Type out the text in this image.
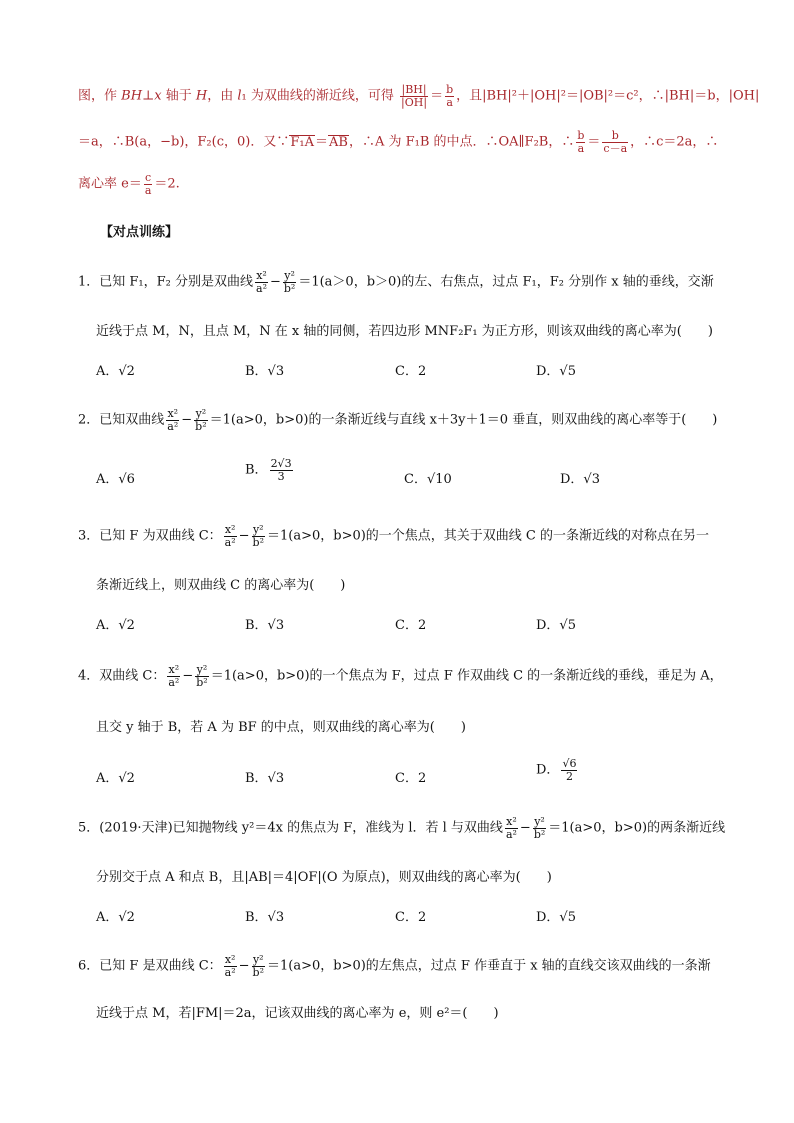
图，作 BH⊥x 轴于 H，由 l₁ 为双曲线的渐近线，可得 $\frac{|BH|}{|OH|} = \frac{b}{a}$ ，且|BH|²＋|OH|²＝|OB|²＝c²，∴|BH|＝b，|OH|
＝a，∴B(a，−b)，F₂(c，0)．又∵F₁A＝AB，∴A 为 F₁B 的中点．∴OA∥F₂B，∴ $\frac{b}{a} = \frac{b}{c-a}$ ，∴c＝2a，∴
离心率 $e= \frac{c}{a} =2$.
【对点训练】
1．已知 F₁，F₂ 分别是双曲线 $\frac{\text{x²}}{\text{a²}} - \frac{\text{y²}}{\text{b²}} =1(a>0$，b＞0)的左、右焦点，过点 F₁，F₂ 分别作 x 轴的垂线，交渐
近线于点 M，N，且点 M，N 在 x 轴的同侧，若四边形 MNF₂F₁ 为正方形，则该双曲线的离心率为(　　)
A．√2	B．√3	C．2	D．√5
2．已知双曲线 $\frac{\text{x²}}{\text{a²}} - \frac{\text{y²}}{\text{b²}} =1(a>0$，b>0)的一条渐近线与直线 x＋3y＋1＝0 垂直，则双曲线的离心率等于(　　)
A．√6
B． $\frac{2√3}{3}$	C．√10	D．√3
3．已知 F 为双曲线 C： $\frac{\text{x²}}{\text{a²}} - \frac{\text{y²}}{\text{b²}} =1(a>0$，b>0)的一个焦点，其关于双曲线 C 的一条渐近线的对称点在另一
条渐近线上，则双曲线 C 的离心率为(　　)
A．√2	B．√3	C．2	D．√5
4．双曲线 C： $\frac{\text{x²}}{\text{a²}} - \frac{\text{y²}}{\text{b²}} =1(a>0$，b>0)的一个焦点为 F，过点 F 作双曲线 C 的一条渐近线的垂线，垂足为 A，
且交 y 轴于 B，若 A 为 BF 的中点，则双曲线的离心率为(　　)
A．√2	B．√3	C．2
D． $\frac{√6}{2}$
5．(2019·天津)已知抛物线 y²＝4x 的焦点为 F，准线为 l．若 l 与双曲线 $\frac{\text{x²}}{\text{a²}} - \frac{\text{y²}}{\text{b²}} =1(a>0$，b>0)的两条渐近线
分别交于点 A 和点 B，且|AB|＝4|OF|(O 为原点)，则双曲线的离心率为(　　)
A．√2	B．√3	C．2	D．√5
6．已知 F 是双曲线 C： $\frac{\text{x²}}{\text{a²}} - \frac{\text{y²}}{\text{b²}} =1(a>0$，b>0)的左焦点，过点 F 作垂直于 x 轴的直线交该双曲线的一条渐
近线于点 M，若|FM|＝2a，记该双曲线的离心率为 e，则 e²＝(　　)
